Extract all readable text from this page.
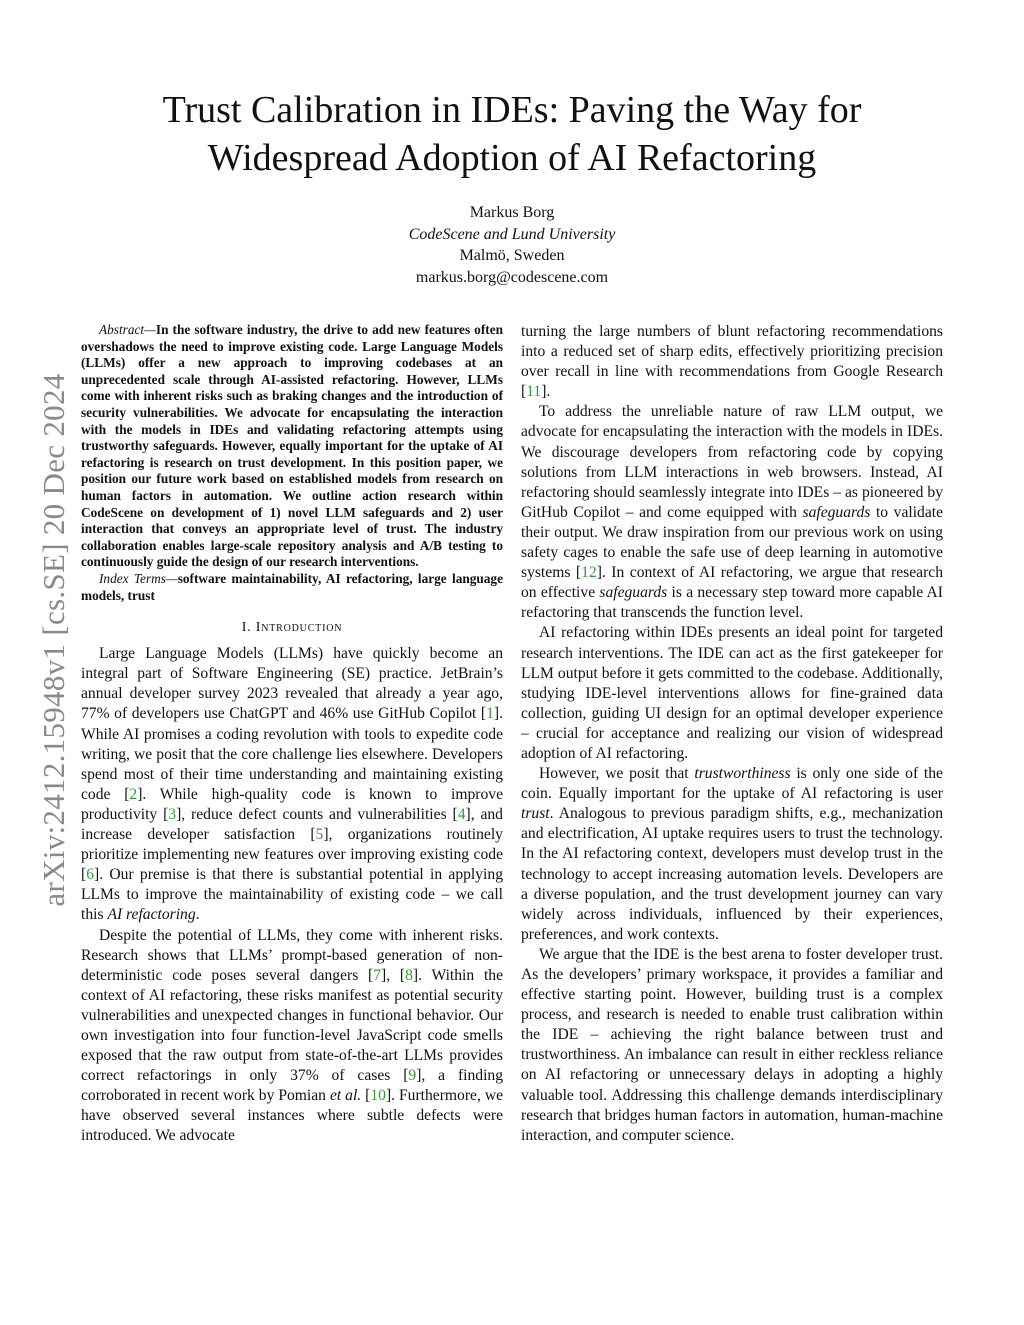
arXiv:2412.15948v1 [cs.SE] 20 Dec 2024
Trust Calibration in IDEs: Paving the Way for
Widespread Adoption of AI Refactoring
Markus Borg
CodeScene and Lund University
Malmö, Sweden
markus.borg@codescene.com

Abstract—In the software industry, the drive to add new features often overshadows the need to improve existing code. Large Language Models (LLMs) offer a new approach to improving codebases at an unprecedented scale through AI-assisted refactoring. However, LLMs come with inherent risks such as braking changes and the introduction of security vulnerabilities. We advocate for encapsulating the interaction with the models in IDEs and validating refactoring attempts using trustworthy safeguards. However, equally important for the uptake of AI refactoring is research on trust development. In this position paper, we position our future work based on established models from research on human factors in automation. We outline action research within CodeScene on development of 1) novel LLM safeguards and 2) user interaction that conveys an appropriate level of trust. The industry collaboration enables large-scale repository analysis and A/B testing to continuously guide the design of our research interventions.

Index Terms—software maintainability, AI refactoring, large language models, trust

I. Introduction

Large Language Models (LLMs) have quickly become an integral part of Software Engineering (SE) practice. JetBrain’s annual developer survey 2023 revealed that already a year ago, 77% of developers use ChatGPT and 46% use GitHub Copilot [1]. While AI promises a coding revolution with tools to expedite code writing, we posit that the core challenge lies elsewhere. Developers spend most of their time understanding and maintaining existing code [2]. While high-quality code is known to improve productivity [3], reduce defect counts and vulnerabilities [4], and increase developer satisfaction [5], organizations routinely prioritize implementing new features over improving existing code [6]. Our premise is that there is substantial potential in applying LLMs to improve the maintainability of existing code – we call this AI refactoring.

Despite the potential of LLMs, they come with inherent risks. Research shows that LLMs’ prompt-based generation of non-deterministic code poses several dangers [7], [8]. Within the context of AI refactoring, these risks manifest as potential security vulnerabilities and unexpected changes in functional behavior. Our own investigation into four function-level JavaScript code smells exposed that the raw output from state-of-the-art LLMs provides correct refactorings in only 37% of cases [9], a finding corroborated in recent work by Pomian et al. [10]. Furthermore, we have observed several instances where subtle defects were introduced. We advocate

turning the large numbers of blunt refactoring recommendations into a reduced set of sharp edits, effectively prioritizing precision over recall in line with recommendations from Google Research [11].

To address the unreliable nature of raw LLM output, we advocate for encapsulating the interaction with the models in IDEs. We discourage developers from refactoring code by copying solutions from LLM interactions in web browsers. Instead, AI refactoring should seamlessly integrate into IDEs – as pioneered by GitHub Copilot – and come equipped with safeguards to validate their output. We draw inspiration from our previous work on using safety cages to enable the safe use of deep learning in automotive systems [12]. In context of AI refactoring, we argue that research on effective safeguards is a necessary step toward more capable AI refactoring that transcends the function level.

AI refactoring within IDEs presents an ideal point for targeted research interventions. The IDE can act as the first gatekeeper for LLM output before it gets committed to the codebase. Additionally, studying IDE-level interventions allows for fine-grained data collection, guiding UI design for an optimal developer experience – crucial for acceptance and realizing our vision of widespread adoption of AI refactoring.

However, we posit that trustworthiness is only one side of the coin. Equally important for the uptake of AI refactoring is user trust. Analogous to previous paradigm shifts, e.g., mechanization and electrification, AI uptake requires users to trust the technology. In the AI refactoring context, developers must develop trust in the technology to accept increasing automation levels. Developers are a diverse population, and the trust development journey can vary widely across individuals, influenced by their experiences, preferences, and work contexts.

We argue that the IDE is the best arena to foster developer trust. As the developers’ primary workspace, it provides a familiar and effective starting point. However, building trust is a complex process, and research is needed to enable trust calibration within the IDE – achieving the right balance between trust and trustworthiness. An imbalance can result in either reckless reliance on AI refactoring or unnecessary delays in adopting a highly valuable tool. Addressing this challenge demands interdisciplinary research that bridges human factors in automation, human-machine interaction, and computer science.
